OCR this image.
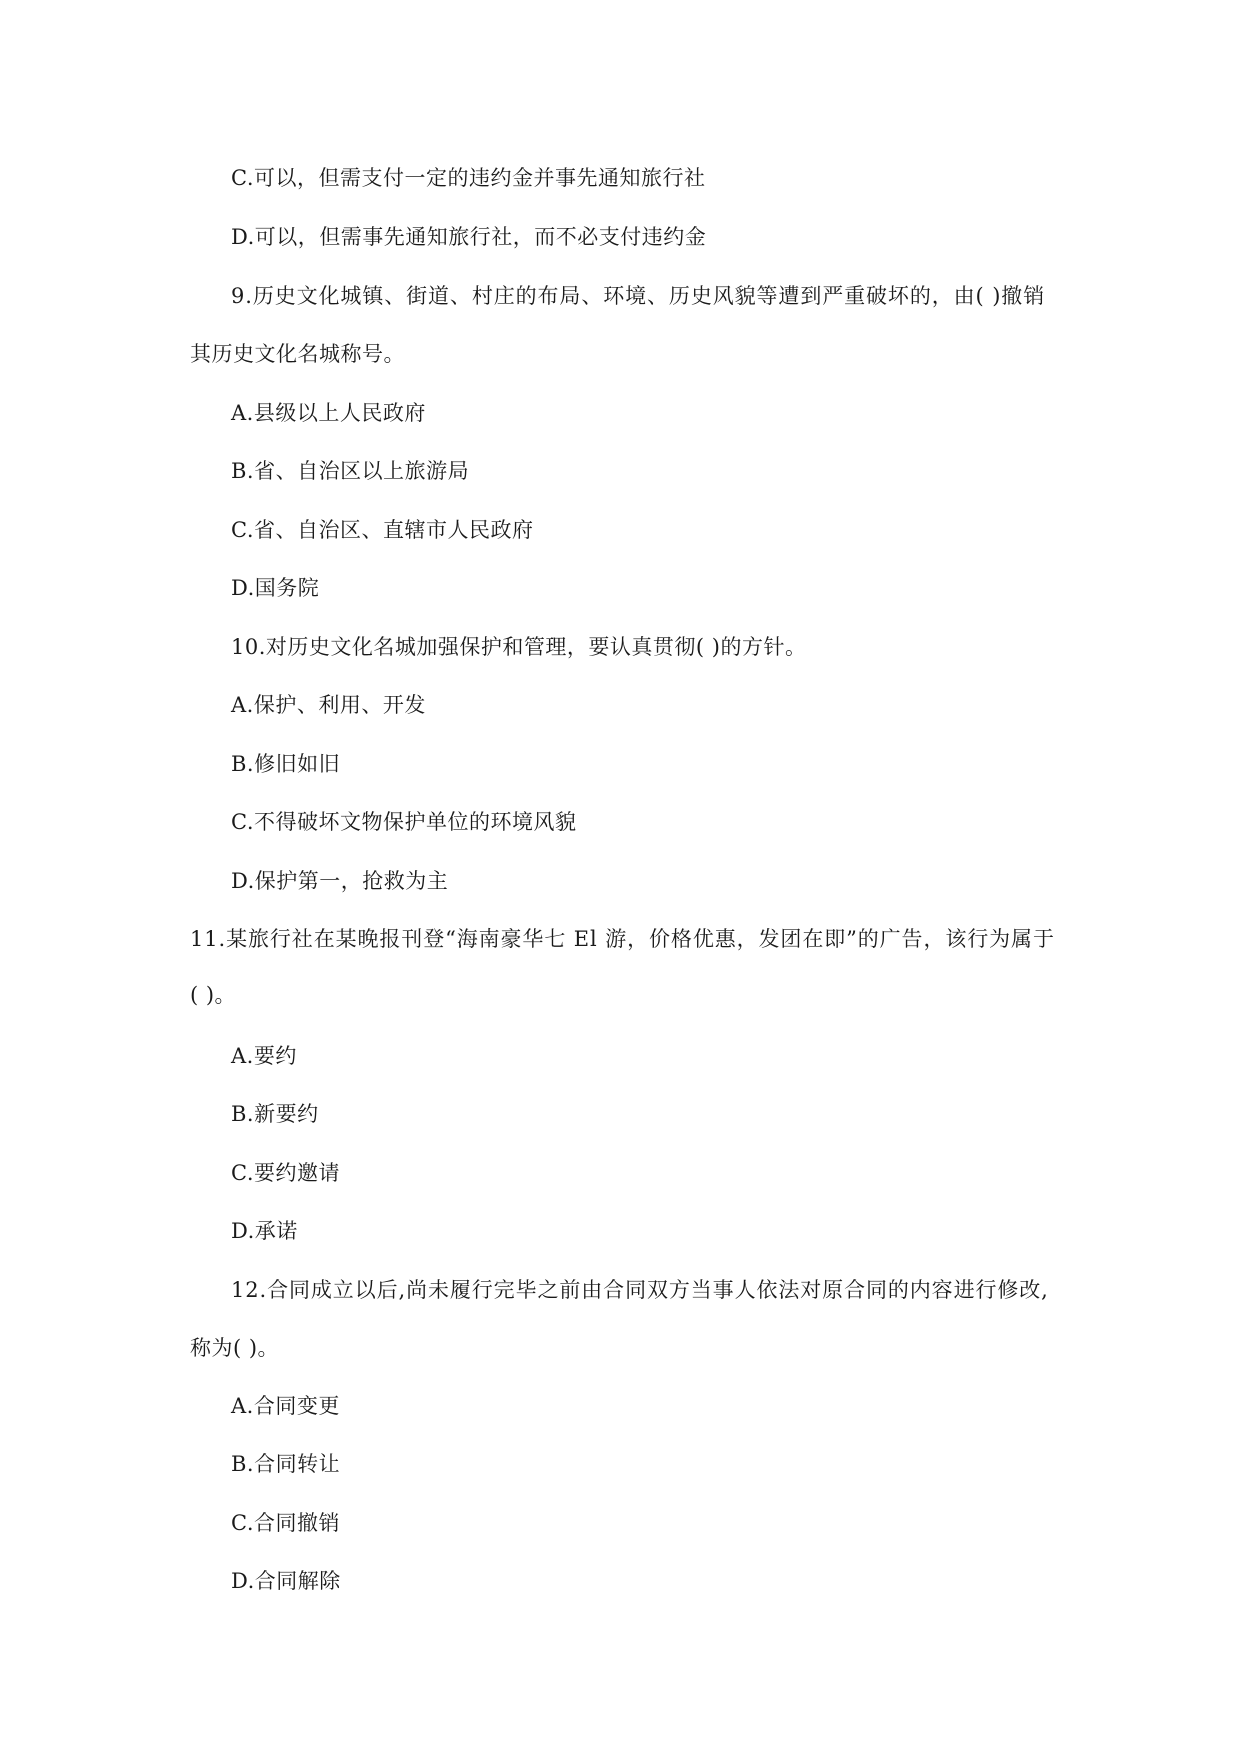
C.可以，但需支付一定的违约金并事先通知旅行社
D.可以，但需事先通知旅行社，而不必支付违约金
9.历史文化城镇、街道、村庄的布局、环境、历史风貌等遭到严重破坏的，由( )撤销
其历史文化名城称号。
A.县级以上人民政府
B.省、自治区以上旅游局
C.省、自治区、直辖市人民政府
D.国务院
10.对历史文化名城加强保护和管理，要认真贯彻( )的方针。
A.保护、利用、开发
B.修旧如旧
C.不得破坏文物保护单位的环境风貌
D.保护第一，抢救为主
11.某旅行社在某晚报刊登“海南豪华七 El 游，价格优惠，发团在即”的广告，该行为属于
( )。
A.要约
B.新要约
C.要约邀请
D.承诺
12.合同成立以后,尚未履行完毕之前由合同双方当事人依法对原合同的内容进行修改,
称为( )。
A.合同变更
B.合同转让
C.合同撤销
D.合同解除
